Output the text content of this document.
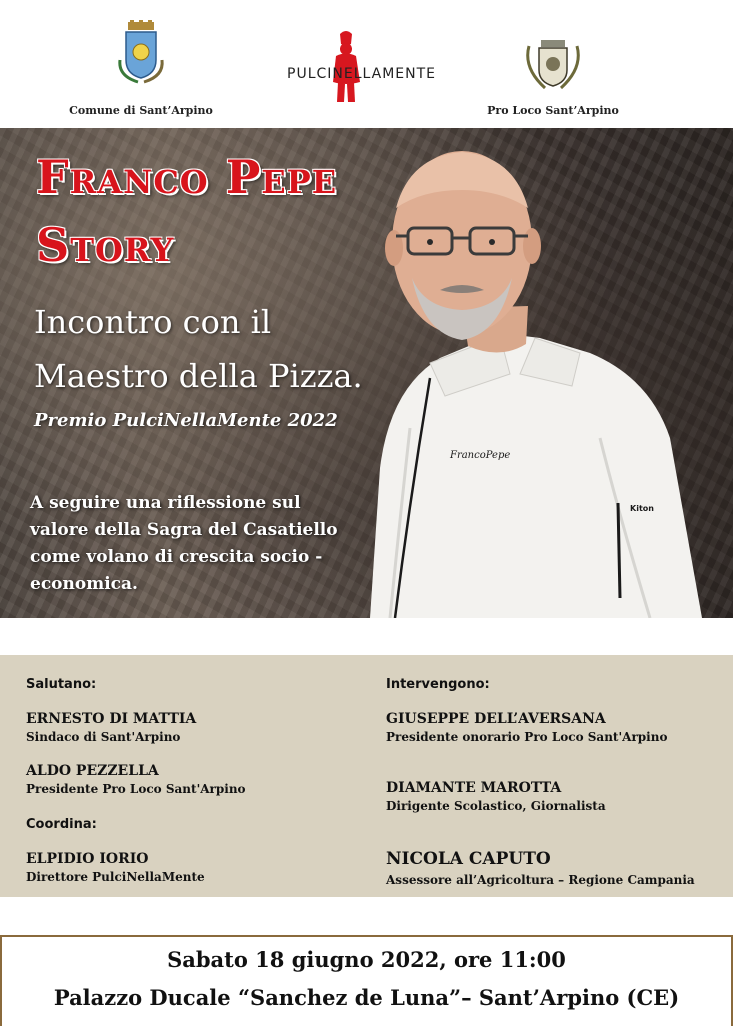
Comune di Sant’Arpino
PULCINELLAMENTE
Pro Loco Sant’Arpino
FrancoPepe
Kiton
Franco Pepe
Story
Incontro con il
Maestro della Pizza.
Premio PulciNellaMente 2022
A seguire una riflessione sul valore della Sagra del Casatiello come volano di crescita socio - economica.
Salutano:
ERNESTO DI MATTIA
Sindaco di Sant'Arpino
ALDO PEZZELLA
Presidente Pro Loco Sant'Arpino
Coordina:
ELPIDIO IORIO
Direttore PulciNellaMente
Intervengono:
GIUSEPPE DELL’AVERSANA
Presidente onorario Pro Loco Sant'Arpino
DIAMANTE MAROTTA
Dirigente Scolastico, Giornalista
NICOLA CAPUTO
Assessore all’Agricoltura – Regione Campania
Sabato 18 giugno 2022, ore 11:00
Palazzo Ducale “Sanchez de Luna”– Sant’Arpino (CE)
